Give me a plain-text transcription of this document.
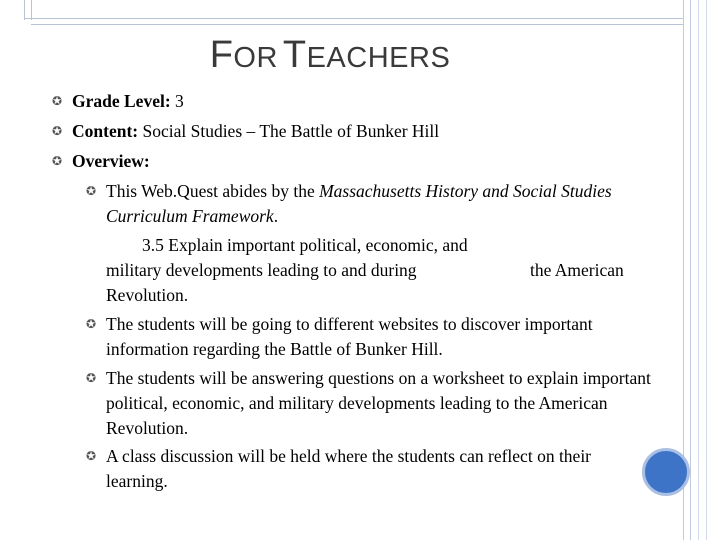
FOR TEACHERS
✪ Grade Level: 3
✪ Content: Social Studies – The Battle of Bunker Hill
✪ Overview:
✪ This Web.Quest abides by the Massachusetts History and Social Studies Curriculum Framework.
3.5 Explain important political, economic, and
military developments leading to and during	the American
Revolution.
✪ The students will be going to different websites to discover important information regarding the Battle of Bunker Hill.
✪ The students will be answering questions on a worksheet to explain important political, economic, and military developments leading to the American Revolution.
✪ A class discussion will be held where the students can reflect on their learning.
